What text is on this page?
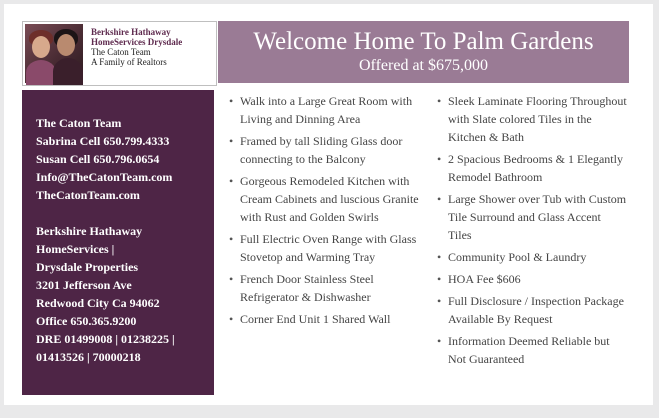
Berkshire Hathaway
HomeServices Drysdale
The Caton Team
A Family of Realtors
Welcome Home To Palm Gardens
Offered at $675,000
The Caton Team
Sabrina Cell 650.799.4333
Susan Cell 650.796.0654
Info@TheCatonTeam.com
TheCatonTeam.com
Berkshire Hathaway
HomeServices |
Drysdale Properties
3201 Jefferson Ave
Redwood City Ca 94062
Office 650.365.9200
DRE 01499008 | 01238225 |
01413526 | 70000218
• Walk into a Large Great Room with Living and Dinning Area
• Framed by tall Sliding Glass door connecting to the Balcony
• Gorgeous Remodeled Kitchen with Cream Cabinets and luscious Granite with Rust and Golden Swirls
• Full Electric Oven Range with Glass Stovetop and Warming Tray
• French Door Stainless Steel Refrigerator & Dishwasher
• Corner End Unit 1 Shared Wall
• Sleek Laminate Flooring Throughout with Slate colored Tiles in the Kitchen & Bath
• 2 Spacious Bedrooms & 1 Elegantly Remodel Bathroom
• Large Shower over Tub with Custom Tile Surround and Glass Accent Tiles
• Community Pool & Laundry
• HOA Fee $606
• Full Disclosure / Inspection Package Available By Request
• Information Deemed Reliable but Not Guaranteed
